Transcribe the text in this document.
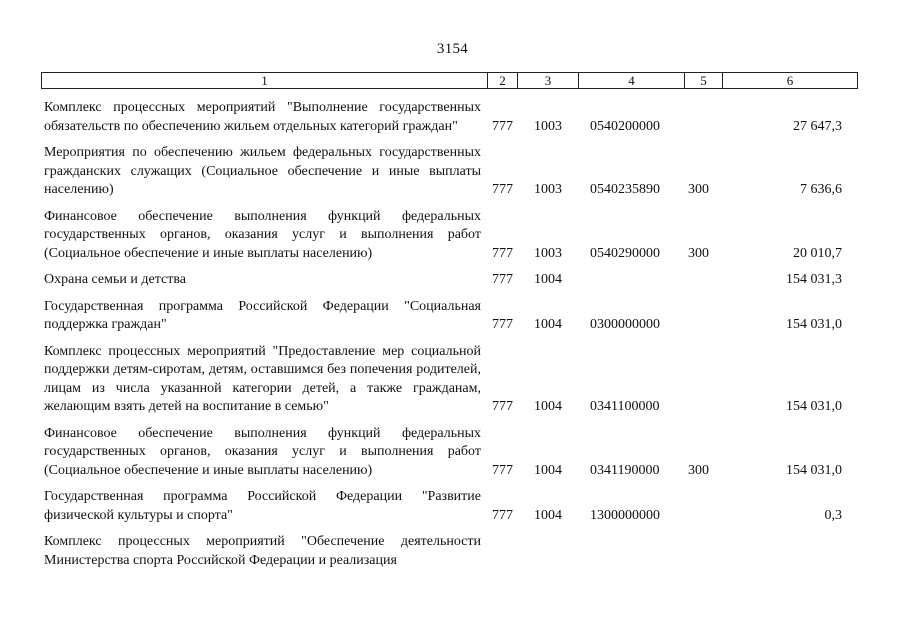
3154
1	2	3	4	5	6
Комплекс процессных мероприятий "Выполнение государственных обязательств по обеспечению жильем отдельных категорий граждан"	777 1003 0540200000	27 647,3
Мероприятия по обеспечению жильем федеральных государственных гражданских служащих (Социальное обеспечение и иные выплаты населению)	777 1003 0540235890 300	7 636,6
Финансовое обеспечение выполнения функций федеральных государственных органов, оказания услуг и выполнения работ (Социальное обеспечение и иные выплаты населению)	777 1003 0540290000 300	20 010,7
Охрана семьи и детства	777 1004	154 031,3
Государственная программа Российской Федерации "Социальная поддержка граждан"	777 1004 0300000000	154 031,0
Комплекс процессных мероприятий "Предоставление мер социальной поддержки детям-сиротам, детям, оставшимся без попечения родителей, лицам из числа указанной категории детей, а также гражданам, желающим взять детей на воспитание в семью"	777 1004 0341100000	154 031,0
Финансовое обеспечение выполнения функций федеральных государственных органов, оказания услуг и выполнения работ (Социальное обеспечение и иные выплаты населению)	777 1004 0341190000 300	154 031,0
Государственная программа Российской Федерации "Развитие физической культуры и спорта"	777 1004 1300000000	0,3
Комплекс процессных мероприятий "Обеспечение деятельности Министерства спорта Российской Федерации и реализация
